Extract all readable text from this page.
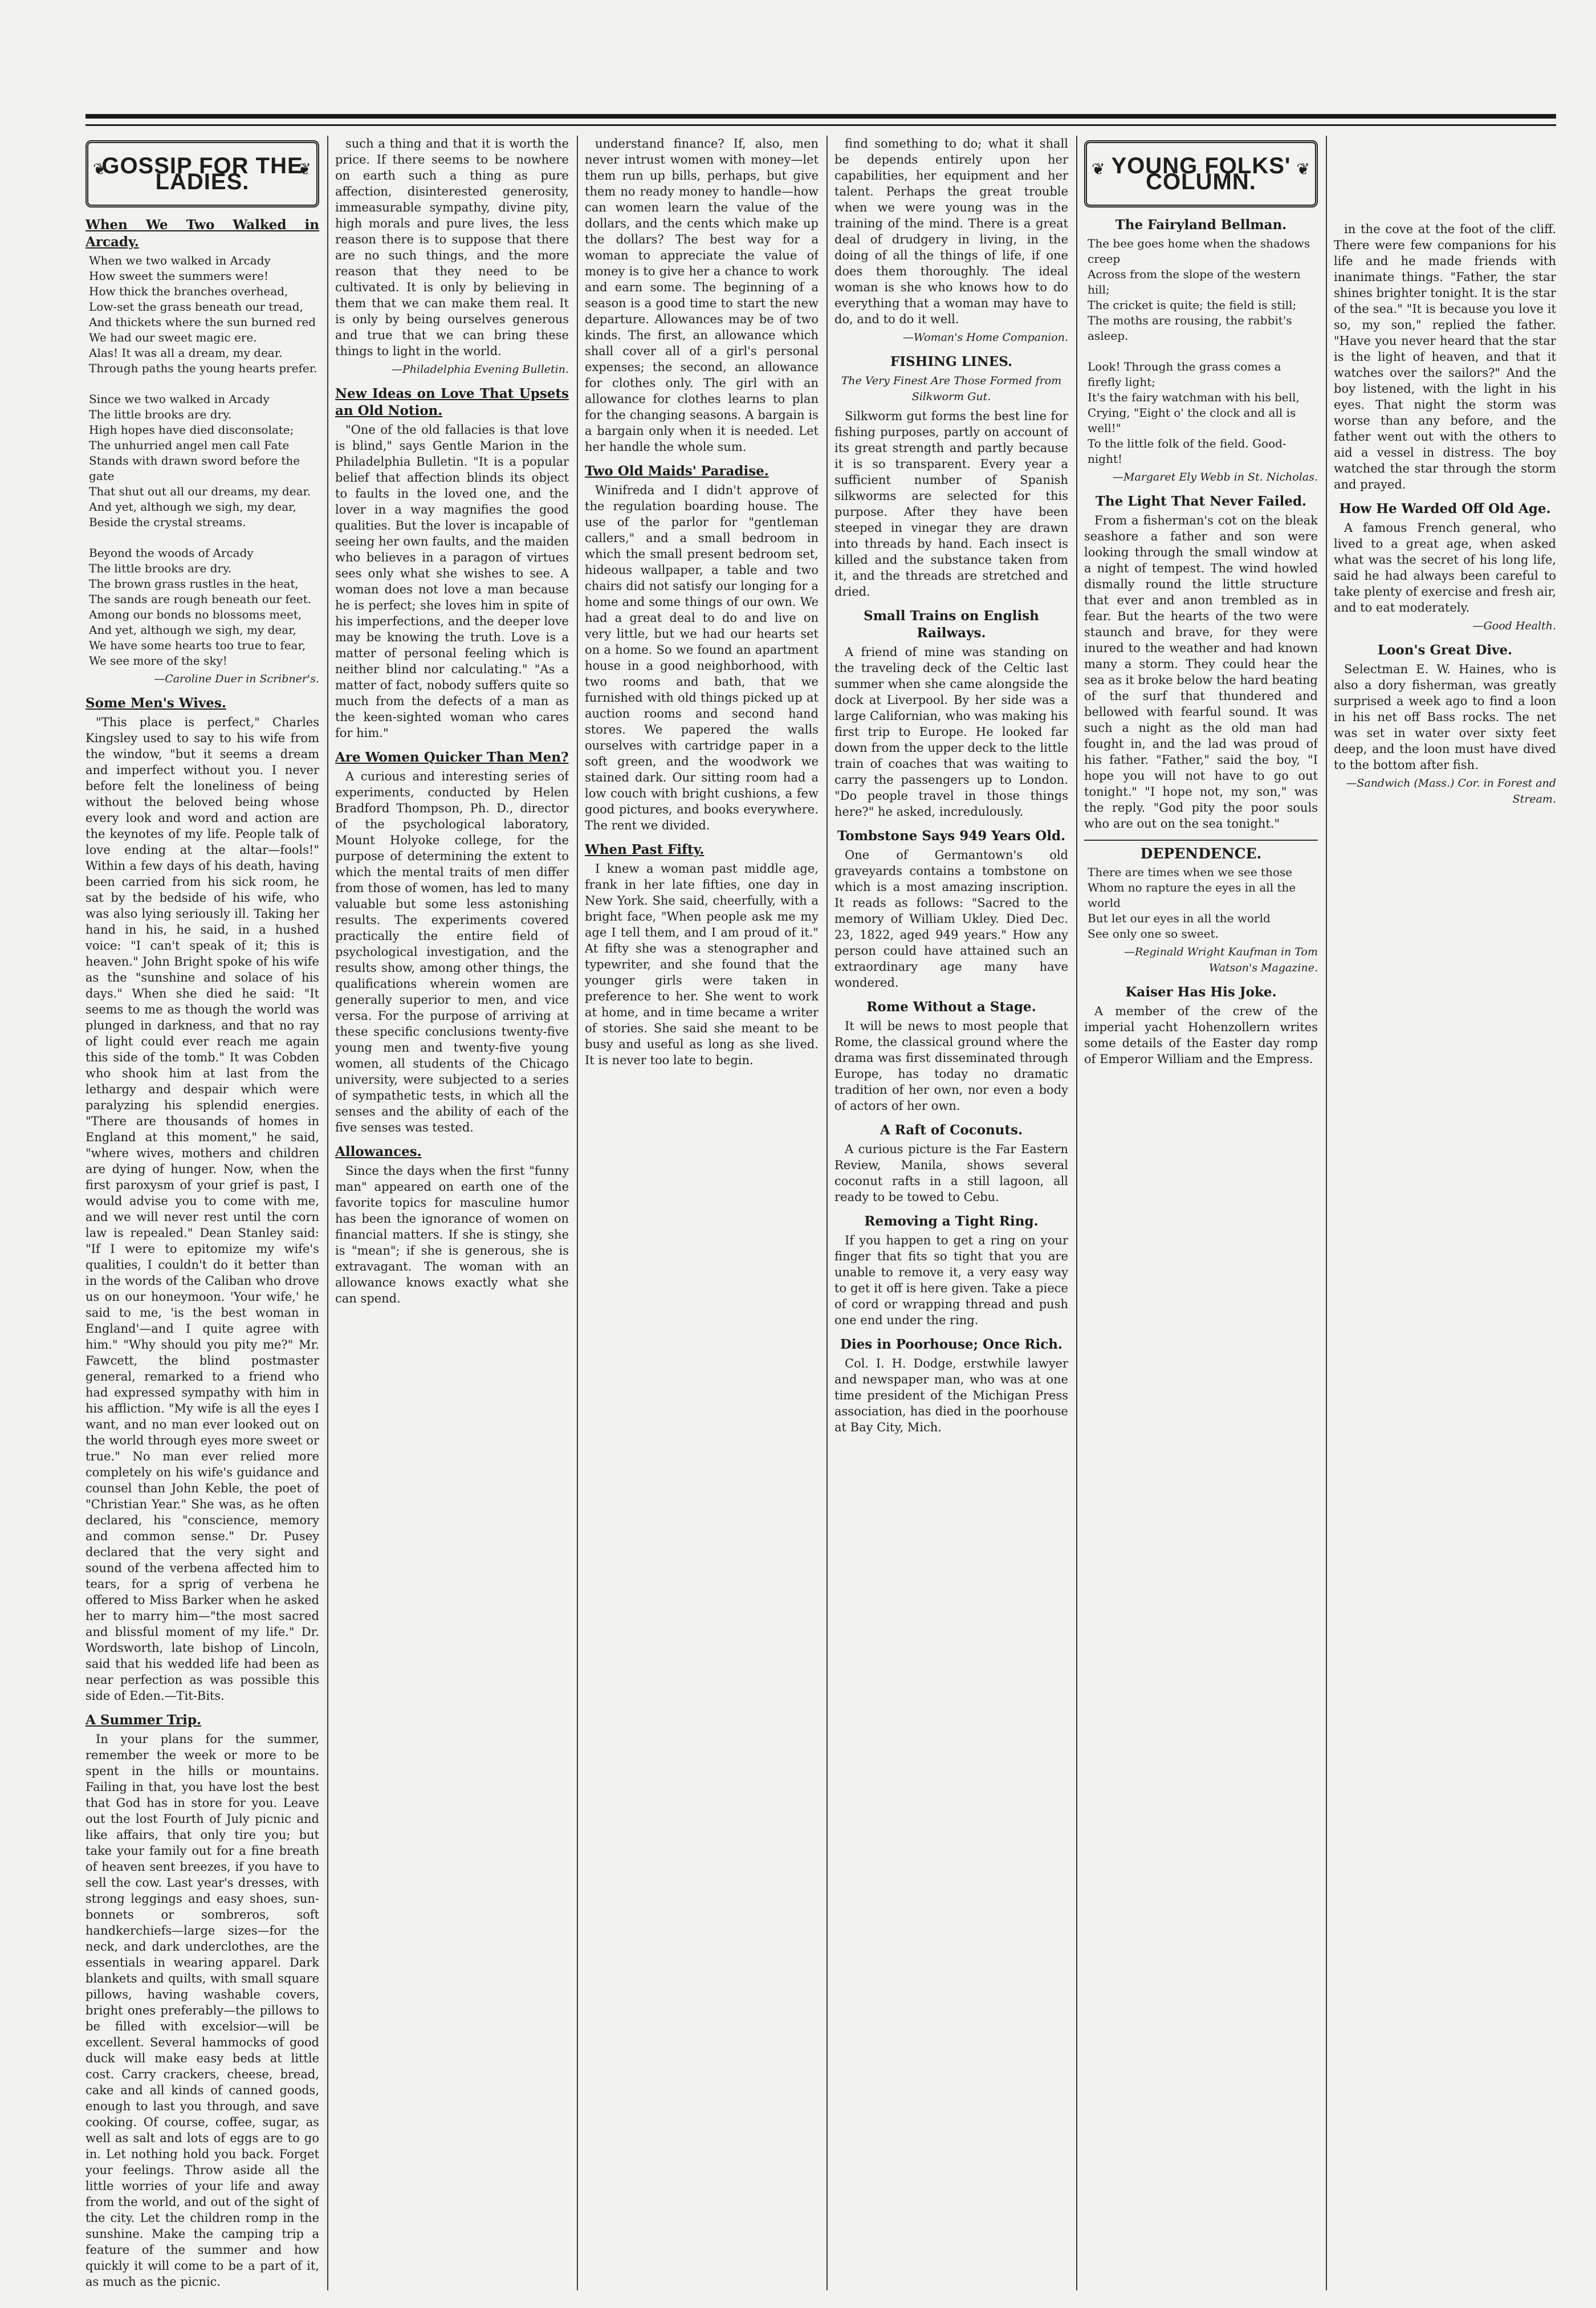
❦ GOSSIP FOR THE LADIES. ❦
When We Two Walked in Arcady.
When we two walked in Arcady
How sweet the summers were!
How thick the branches overhead,
Low-set the grass beneath our tread,
And thickets where the sun burned red
We had our sweet magic ere.
Alas! It was all a dream, my dear.
Through paths the young hearts prefer.

Since we two walked in Arcady
The little brooks are dry.
High hopes have died disconsolate;
The unhurried angel men call Fate
Stands with drawn sword before the gate
That shut out all our dreams, my dear.
And yet, although we sigh, my dear,
Beside the crystal streams.

Beyond the woods of Arcady
The little brooks are dry.
The brown grass rustles in the heat,
The sands are rough beneath our feet.
Among our bonds no blossoms meet,
And yet, although we sigh, my dear,
We have some hearts too true to fear,
We see more of the sky!
—Caroline Duer in Scribner's.
Some Men's Wives.

"This place is perfect," Charles Kingsley used to say to his wife from the window, "but it seems a dream and imperfect without you. I never before felt the loneliness of being without the beloved being whose every look and word and action are the keynotes of my life. People talk of love ending at the altar—fools!" Within a few days of his death, having been carried from his sick room, he sat by the bedside of his wife, who was also lying seriously ill. Taking her hand in his, he said, in a hushed voice: "I can't speak of it; this is heaven." John Bright spoke of his wife as the "sunshine and solace of his days." When she died he said: "It seems to me as though the world was plunged in darkness, and that no ray of light could ever reach me again this side of the tomb." It was Cobden who shook him at last from the lethargy and despair which were paralyzing his splendid energies. "There are thousands of homes in England at this moment," he said, "where wives, mothers and children are dying of hunger. Now, when the first paroxysm of your grief is past, I would advise you to come with me, and we will never rest until the corn law is repealed." Dean Stanley said: "If I were to epitomize my wife's qualities, I couldn't do it better than in the words of the Caliban who drove us on our honeymoon. 'Your wife,' he said to me, 'is the best woman in England'—and I quite agree with him." "Why should you pity me?" Mr. Fawcett, the blind postmaster general, remarked to a friend who had expressed sympathy with him in his affliction. "My wife is all the eyes I want, and no man ever looked out on the world through eyes more sweet or true." No man ever relied more completely on his wife's guidance and counsel than John Keble, the poet of "Christian Year." She was, as he often declared, his "conscience, memory and common sense." Dr. Pusey declared that the very sight and sound of the verbena affected him to tears, for a sprig of verbena he offered to Miss Barker when he asked her to marry him—"the most sacred and blissful moment of my life." Dr. Wordsworth, late bishop of Lincoln, said that his wedded life had been as near perfection as was possible this side of Eden.—Tit-Bits.

A Summer Trip.

In your plans for the summer, remember the week or more to be spent in the hills or mountains. Failing in that, you have lost the best that God has in store for you. Leave out the lost Fourth of July picnic and like affairs, that only tire you; but take your family out for a fine breath of heaven sent breezes, if you have to sell the cow. Last year's dresses, with strong leggings and easy shoes, sun-bonnets or sombreros, soft handkerchiefs—large sizes—for the neck, and dark underclothes, are the essentials in wearing apparel. Dark blankets and quilts, with small square pillows, having washable covers, bright ones preferably—the pillows to be filled with excelsior—will be excellent. Several hammocks of good duck will make easy beds at little cost. Carry crackers, cheese, bread, cake and all kinds of canned goods, enough to last you through, and save cooking. Of course, coffee, sugar, as well as salt and lots of eggs are to go in. Let nothing hold you back. Forget your feelings. Throw aside all the little worries of your life and away from the world, and out of the sight of the city. Let the children romp in the sunshine. Make the camping trip a feature of the summer and how quickly it will come to be a part of it, as much as the picnic.

such a thing and that it is worth the price. If there seems to be nowhere on earth such a thing as pure affection, disinterested generosity, immeasurable sympathy, divine pity, high morals and pure lives, the less reason there is to suppose that there are no such things, and the more reason that they need to be cultivated. It is only by believing in them that we can make them real. It is only by being ourselves generous and true that we can bring these things to light in the world.

—Philadelphia Evening Bulletin.
New Ideas on Love That Upsets an Old Notion.

"One of the old fallacies is that love is blind," says Gentle Marion in the Philadelphia Bulletin. "It is a popular belief that affection blinds its object to faults in the loved one, and the lover in a way magnifies the good qualities. But the lover is incapable of seeing her own faults, and the maiden who believes in a paragon of virtues sees only what she wishes to see. A woman does not love a man because he is perfect; she loves him in spite of his imperfections, and the deeper love may be knowing the truth. Love is a matter of personal feeling which is neither blind nor calculating." "As a matter of fact, nobody suffers quite so much from the defects of a man as the keen-sighted woman who cares for him."

Are Women Quicker Than Men?

A curious and interesting series of experiments, conducted by Helen Bradford Thompson, Ph. D., director of the psychological laboratory, Mount Holyoke college, for the purpose of determining the extent to which the mental traits of men differ from those of women, has led to many valuable but some less astonishing results. The experiments covered practically the entire field of psychological investigation, and the results show, among other things, the qualifications wherein women are generally superior to men, and vice versa. For the purpose of arriving at these specific conclusions twenty-five young men and twenty-five young women, all students of the Chicago university, were subjected to a series of sympathetic tests, in which all the senses and the ability of each of the five senses was tested.

Allowances.

Since the days when the first "funny man" appeared on earth one of the favorite topics for masculine humor has been the ignorance of women on financial matters. If she is stingy, she is "mean"; if she is generous, she is extravagant. The woman with an allowance knows exactly what she can spend.

understand finance? If, also, men never intrust women with money—let them run up bills, perhaps, but give them no ready money to handle—how can women learn the value of the dollars, and the cents which make up the dollars? The best way for a woman to appreciate the value of money is to give her a chance to work and earn some. The beginning of a season is a good time to start the new departure. Allowances may be of two kinds. The first, an allowance which shall cover all of a girl's personal expenses; the second, an allowance for clothes only. The girl with an allowance for clothes learns to plan for the changing seasons. A bargain is a bargain only when it is needed. Let her handle the whole sum.

Two Old Maids' Paradise.

Winifreda and I didn't approve of the regulation boarding house. The use of the parlor for "gentleman callers," and a small bedroom in which the small present bedroom set, hideous wallpaper, a table and two chairs did not satisfy our longing for a home and some things of our own. We had a great deal to do and live on very little, but we had our hearts set on a home. So we found an apartment house in a good neighborhood, with two rooms and bath, that we furnished with old things picked up at auction rooms and second hand stores. We papered the walls ourselves with cartridge paper in a soft green, and the woodwork we stained dark. Our sitting room had a low couch with bright cushions, a few good pictures, and books everywhere. The rent we divided.

When Past Fifty.

I knew a woman past middle age, frank in her late fifties, one day in New York. She said, cheerfully, with a bright face, "When people ask me my age I tell them, and I am proud of it." At fifty she was a stenographer and typewriter, and she found that the younger girls were taken in preference to her. She went to work at home, and in time became a writer of stories. She said she meant to be busy and useful as long as she lived. It is never too late to begin.

find something to do; what it shall be depends entirely upon her capabilities, her equipment and her talent. Perhaps the great trouble when we were young was in the training of the mind. There is a great deal of drudgery in living, in the doing of all the things of life, if one does them thoroughly. The ideal woman is she who knows how to do everything that a woman may have to do, and to do it well.

—Woman's Home Companion.
FISHING LINES.
The Very Finest Are Those Formed from Silkworm Gut.

Silkworm gut forms the best line for fishing purposes, partly on account of its great strength and partly because it is so transparent. Every year a sufficient number of Spanish silkworms are selected for this purpose. After they have been steeped in vinegar they are drawn into threads by hand. Each insect is killed and the substance taken from it, and the threads are stretched and dried.

Small Trains on English Railways.

A friend of mine was standing on the traveling deck of the Celtic last summer when she came alongside the dock at Liverpool. By her side was a large Californian, who was making his first trip to Europe. He looked far down from the upper deck to the little train of coaches that was waiting to carry the passengers up to London. "Do people travel in those things here?" he asked, incredulously.

Tombstone Says 949 Years Old.

One of Germantown's old graveyards contains a tombstone on which is a most amazing inscription. It reads as follows: "Sacred to the memory of William Ukley. Died Dec. 23, 1822, aged 949 years." How any person could have attained such an extraordinary age many have wondered.

Rome Without a Stage.

It will be news to most people that Rome, the classical ground where the drama was first disseminated through Europe, has today no dramatic tradition of her own, nor even a body of actors of her own.

A Raft of Coconuts.

A curious picture is the Far Eastern Review, Manila, shows several coconut rafts in a still lagoon, all ready to be towed to Cebu.

Removing a Tight Ring.

If you happen to get a ring on your finger that fits so tight that you are unable to remove it, a very easy way to get it off is here given. Take a piece of cord or wrapping thread and push one end under the ring.

Dies in Poorhouse; Once Rich.

Col. I. H. Dodge, erstwhile lawyer and newspaper man, who was at one time president of the Michigan Press association, has died in the poorhouse at Bay City, Mich.

❦ YOUNG FOLKS' COLUMN. ❦
The Fairyland Bellman.
The bee goes home when the shadows creep
Across from the slope of the western hill;
The cricket is quite; the field is still;
The moths are rousing, the rabbit's asleep.

Look! Through the grass comes a firefly light;
It's the fairy watchman with his bell,
Crying, "Eight o' the clock and all is well!"
To the little folk of the field. Good-night!
—Margaret Ely Webb in St. Nicholas.
The Light That Never Failed.

From a fisherman's cot on the bleak seashore a father and son were looking through the small window at a night of tempest. The wind howled dismally round the little structure that ever and anon trembled as in fear. But the hearts of the two were staunch and brave, for they were inured to the weather and had known many a storm. They could hear the sea as it broke below the hard beating of the surf that thundered and bellowed with fearful sound. It was such a night as the old man had fought in, and the lad was proud of his father. "Father," said the boy, "I hope you will not have to go out tonight." "I hope not, my son," was the reply. "God pity the poor souls who are out on the sea tonight."

DEPENDENCE.
There are times when we see those
Whom no rapture the eyes in all the world
But let our eyes in all the world
See only one so sweet.
—Reginald Wright Kaufman in Tom Watson's Magazine.
Kaiser Has His Joke.

A member of the crew of the imperial yacht Hohenzollern writes some details of the Easter day romp of Emperor William and the Empress.

in the cove at the foot of the cliff. There were few companions for his life and he made friends with inanimate things. "Father, the star shines brighter tonight. It is the star of the sea." "It is because you love it so, my son," replied the father. "Have you never heard that the star is the light of heaven, and that it watches over the sailors?" And the boy listened, with the light in his eyes. That night the storm was worse than any before, and the father went out with the others to aid a vessel in distress. The boy watched the star through the storm and prayed.

How He Warded Off Old Age.

A famous French general, who lived to a great age, when asked what was the secret of his long life, said he had always been careful to take plenty of exercise and fresh air, and to eat moderately.

—Good Health.
Loon's Great Dive.

Selectman E. W. Haines, who is also a dory fisherman, was greatly surprised a week ago to find a loon in his net off Bass rocks. The net was set in water over sixty feet deep, and the loon must have dived to the bottom after fish.

—Sandwich (Mass.) Cor. in Forest and Stream.
